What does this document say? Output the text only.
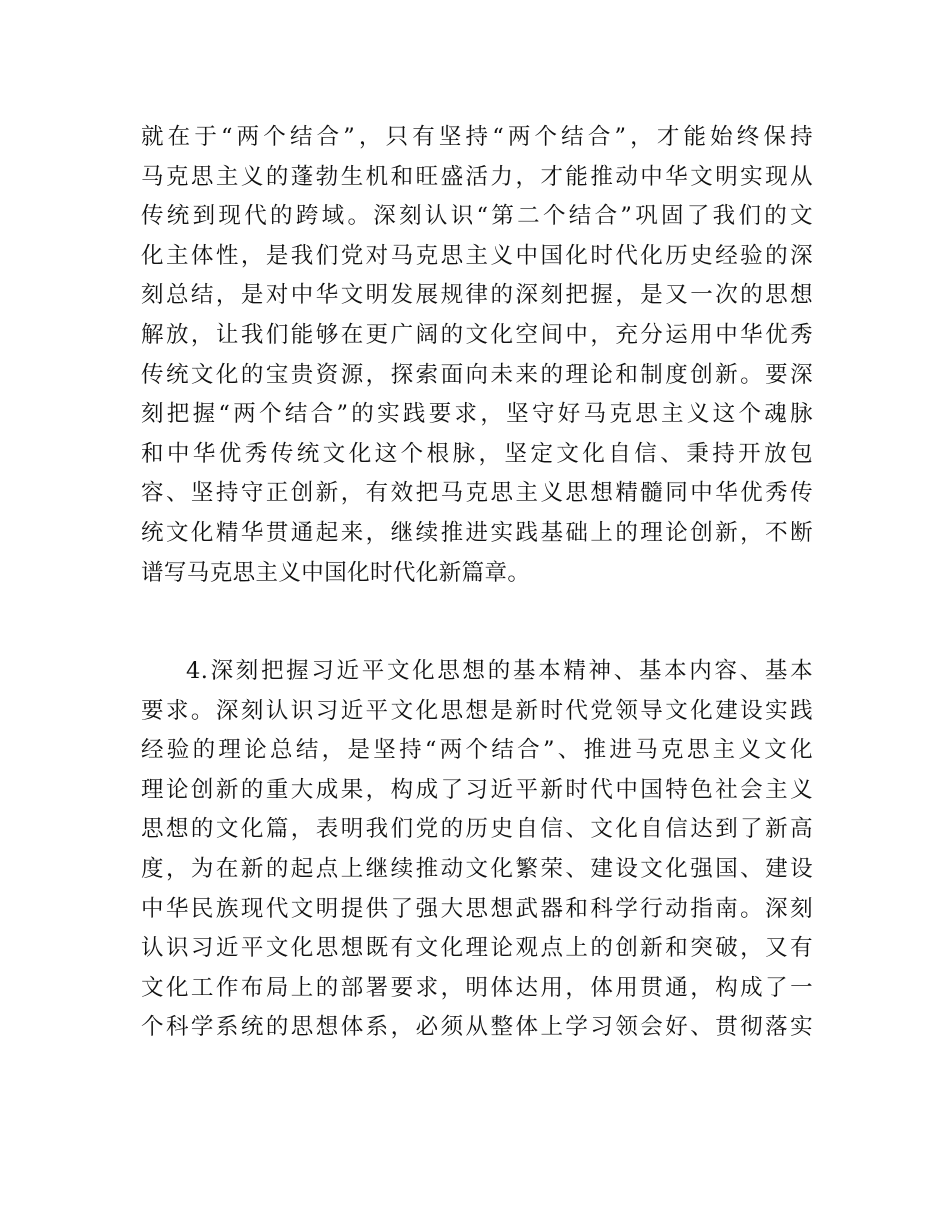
就在于“两个结合”，只有坚持“两个结合”，才能始终保持
马克思主义的蓬勃生机和旺盛活力，才能推动中华文明实现从
传统到现代的跨域。深刻认识“第二个结合”巩固了我们的文
化主体性，是我们党对马克思主义中国化时代化历史经验的深
刻总结，是对中华文明发展规律的深刻把握，是又一次的思想
解放，让我们能够在更广阔的文化空间中，充分运用中华优秀
传统文化的宝贵资源，探索面向未来的理论和制度创新。要深
刻把握“两个结合”的实践要求，坚守好马克思主义这个魂脉
和中华优秀传统文化这个根脉，坚定文化自信、秉持开放包
容、坚持守正创新，有效把马克思主义思想精髓同中华优秀传
统文化精华贯通起来，继续推进实践基础上的理论创新，不断
谱写马克思主义中国化时代化新篇章。
4.深刻把握习近平文化思想的基本精神、基本内容、基本
要求。深刻认识习近平文化思想是新时代党领导文化建设实践
经验的理论总结，是坚持“两个结合”、推进马克思主义文化
理论创新的重大成果，构成了习近平新时代中国特色社会主义
思想的文化篇，表明我们党的历史自信、文化自信达到了新高
度，为在新的起点上继续推动文化繁荣、建设文化强国、建设
中华民族现代文明提供了强大思想武器和科学行动指南。深刻
认识习近平文化思想既有文化理论观点上的创新和突破，又有
文化工作布局上的部署要求，明体达用，体用贯通，构成了一
个科学系统的思想体系，必须从整体上学习领会好、贯彻落实
